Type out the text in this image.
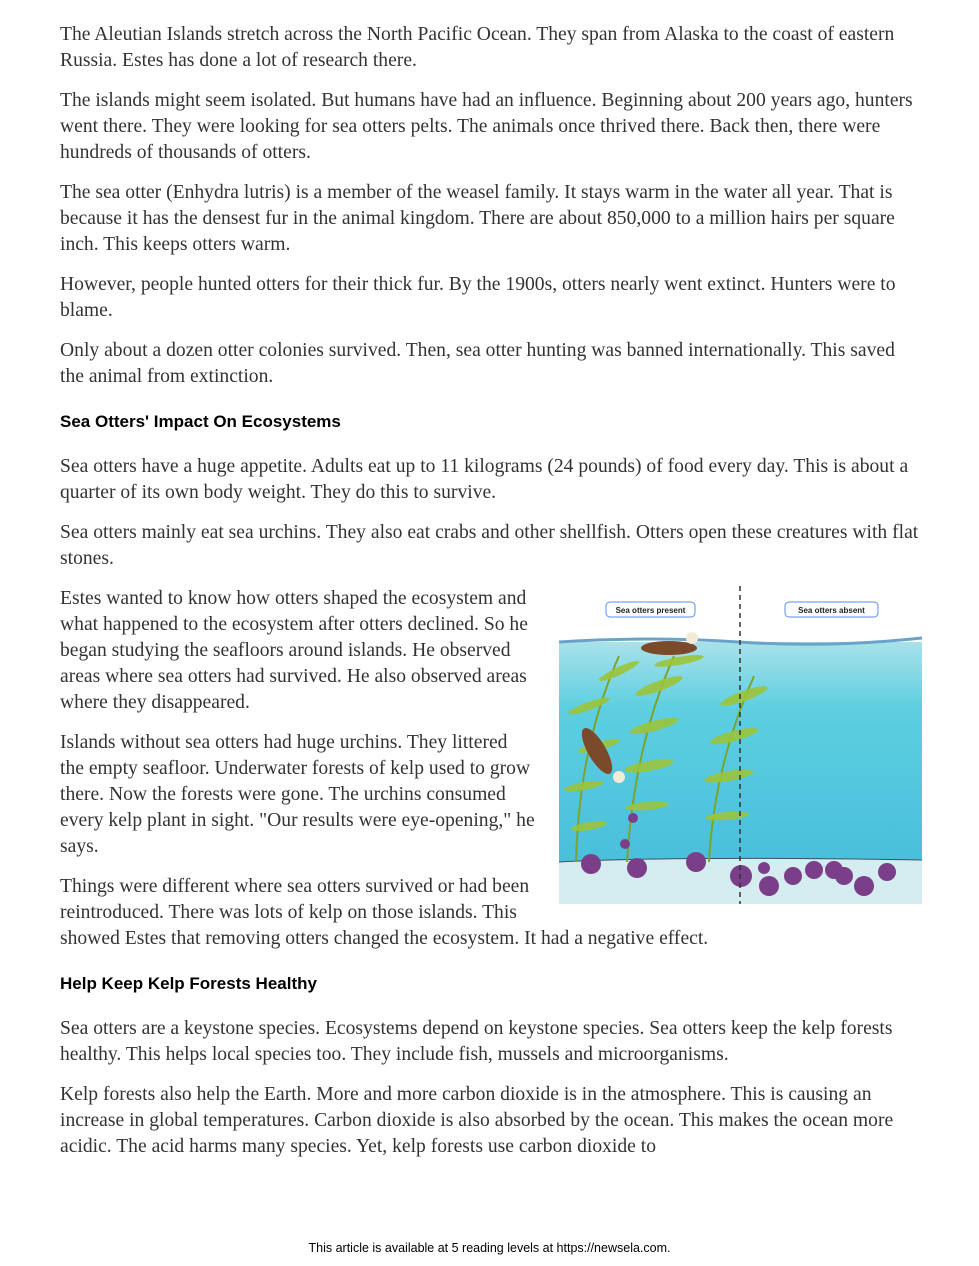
The Aleutian Islands stretch across the North Pacific Ocean. They span from Alaska to the coast of eastern Russia. Estes has done a lot of research there.

The islands might seem isolated. But humans have had an influence. Beginning about 200 years ago, hunters went there. They were looking for sea otters pelts. The animals once thrived there. Back then, there were hundreds of thousands of otters.

The sea otter (Enhydra lutris) is a member of the weasel family. It stays warm in the water all year. That is because it has the densest fur in the animal kingdom. There are about 850,000 to a million hairs per square inch. This keeps otters warm.

However, people hunted otters for their thick fur. By the 1900s, otters nearly went extinct. Hunters were to blame.

Only about a dozen otter colonies survived. Then, sea otter hunting was banned internationally. This saved the animal from extinction.

Sea Otters' Impact On Ecosystems

Sea otters have a huge appetite. Adults eat up to 11 kilograms (24 pounds) of food every day. This is about a quarter of its own body weight. They do this to survive.

Sea otters mainly eat sea urchins. They also eat crabs and other shellfish. Otters open these creatures with flat stones.

Sea otters present	Sea otters absent

Estes wanted to know how otters shaped the ecosystem and what happened to the ecosystem after otters declined. So he began studying the seafloors around islands. He observed areas where sea otters had survived. He also observed areas where they disappeared.

Islands without sea otters had huge urchins. They littered the empty seafloor. Underwater forests of kelp used to grow there. Now the forests were gone. The urchins consumed every kelp plant in sight. "Our results were eye-opening," he says.

Things were different where sea otters survived or had been reintroduced. There was lots of kelp on those islands. This showed Estes that removing otters changed the ecosystem. It had a negative effect.

Help Keep Kelp Forests Healthy

Sea otters are a keystone species. Ecosystems depend on keystone species. Sea otters keep the kelp forests healthy. This helps local species too. They include fish, mussels and microorganisms.

Kelp forests also help the Earth. More and more carbon dioxide is in the atmosphere. This is causing an increase in global temperatures. Carbon dioxide is also absorbed by the ocean. This makes the ocean more acidic. The acid harms many species. Yet, kelp forests use carbon dioxide to

This article is available at 5 reading levels at https://newsela.com.
